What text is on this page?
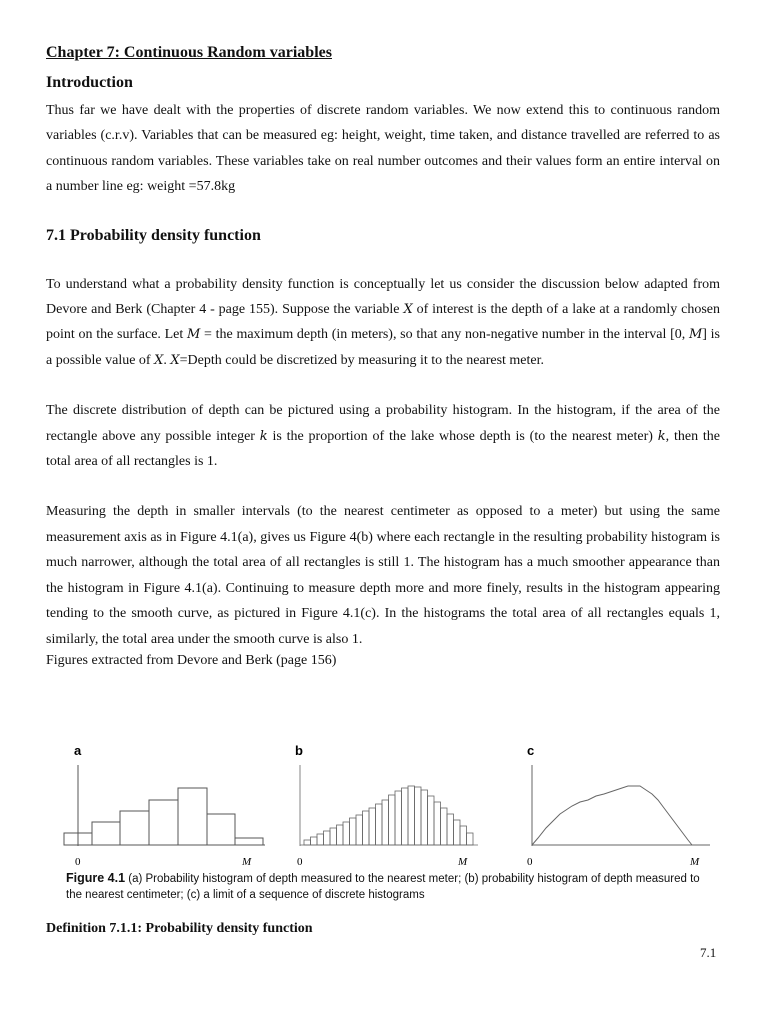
Chapter 7: Continuous Random variables
Introduction

Thus far we have dealt with the properties of discrete random variables. We now extend this to continuous random variables (c.r.v). Variables that can be measured eg: height, weight, time taken, and distance travelled are referred to as continuous random variables. These variables take on real number outcomes and their values form an entire interval on a number line eg: weight =57.8kg

7.1 Probability density function

To understand what a probability density function is conceptually let us consider the discussion below adapted from Devore and Berk (Chapter 4 - page 155). Suppose the variable X of interest is the depth of a lake at a randomly chosen point on the surface. Let M = the maximum depth (in meters), so that any non-negative number in the interval [0, M] is a possible value of X. X=Depth could be discretized by measuring it to the nearest meter.

The discrete distribution of depth can be pictured using a probability histogram. In the histogram, if the area of the rectangle above any possible integer k is the proportion of the lake whose depth is (to the nearest meter) k, then the total area of all rectangles is 1.

Measuring the depth in smaller intervals (to the nearest centimeter as opposed to a meter) but using the same measurement axis as in Figure 4.1(a), gives us Figure 4(b) where each rectangle in the resulting probability histogram is much narrower, although the total area of all rectangles is still 1. The histogram has a much smoother appearance than the histogram in Figure 4.1(a). Continuing to measure depth more and more finely, results in the histogram appearing tending to the smooth curve, as pictured in Figure 4.1(c). In the histograms the total area of all rectangles equals 1, similarly, the total area under the smooth curve is also 1.

Figures extracted from Devore and Berk (page 156)

a	b	c
0	M	0	M	0	M
Figure 4.1 (a) Probability histogram of depth measured to the nearest meter; (b) probability histogram of depth measured to the nearest centimeter; (c) a limit of a sequence of discrete histograms
Definition 7.1.1: Probability density function
7.1
